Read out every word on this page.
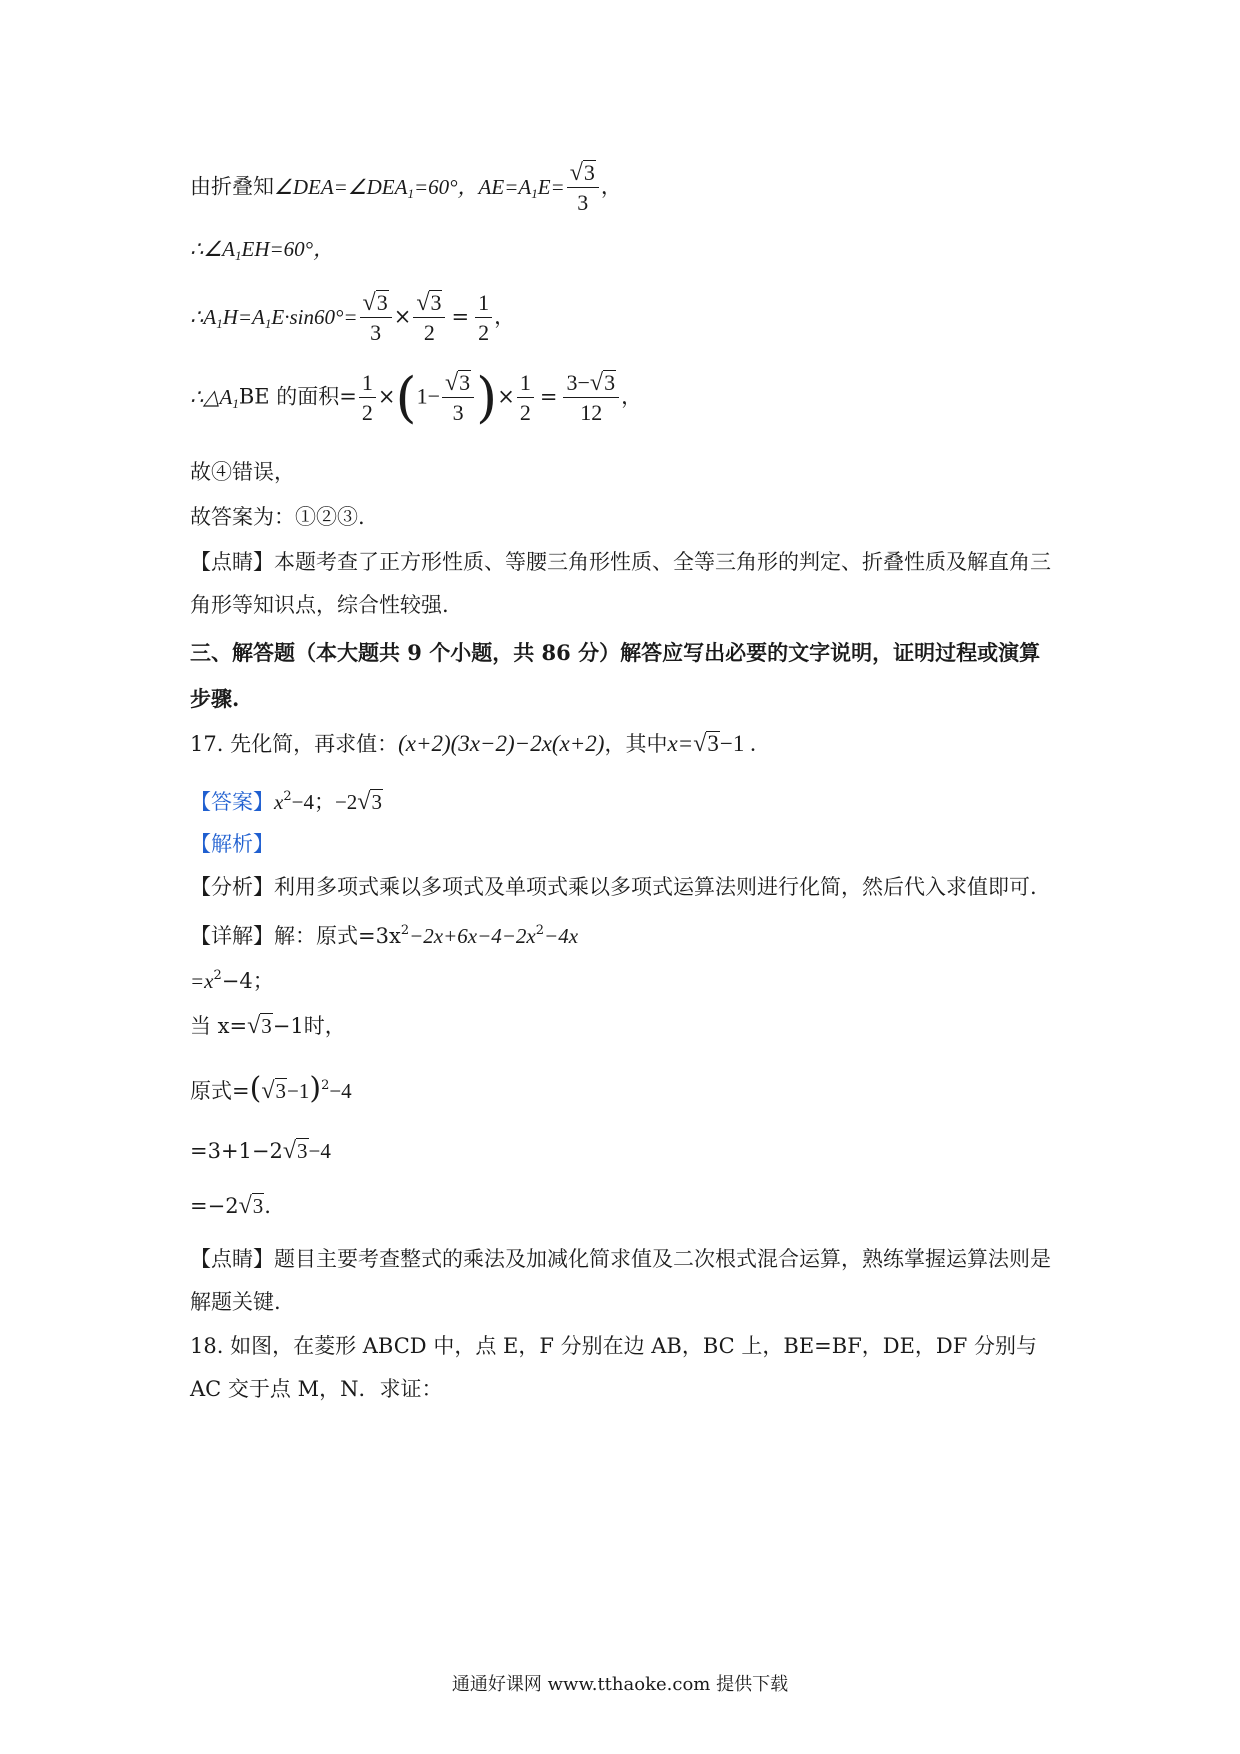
由折叠知$\angle DEA=\angle DEA_1=60^\circ$，$AE=A_1E= \frac{√ 3}{3}$ ，
$\therefore\angle A_1EH=60^\circ$，
$\therefore A_1H=A_1E\cdot\sin 60^\circ= \frac{√ 3}{3} \times \frac{√ 3}{2} = \frac{1}{2}$ ，
$\therefore\triangle A_1BE$ 的面积= $\frac{1}{2} \times(1- \frac{√ 3}{3}$ )× $\frac{1}{2} = \frac{3- √ 3}{12}$ ，
故④错误，
故答案为：①②③.
【点睛】本题考查了正方形性质、等腰三角形性质、全等三角形的判定、折叠性质及解直角三角形等知识点，综合性较强.
三、解答题（本大题共 9 个小题，共 86 分）解答应写出必要的文字说明，证明过程或演算步骤.
17. 先化简，再求值：(x+2)(3x−2)−2x(x+2)，其中x= √ 3 −1 .
【答案】$x^2-4$；−2 √ 3
【解析】
【分析】利用多项式乘以多项式及单项式乘以多项式运算法则进行化简，然后代入求值即可.
【详解】解：原式$=3x^2-2x+6x-4-2x^2-4x$
$=x^2-4$；
当 x= √ 3 −1时，
原式=( √ 3 −1)$^2$−4
=3+1−2 √ 3 −4
=−2 √ 3 .
【点睛】题目主要考查整式的乘法及加减化简求值及二次根式混合运算，熟练掌握运算法则是解题关键.
18. 如图，在菱形 ABCD 中，点 E，F 分别在边 AB，BC 上，BE=BF，DE，DF 分别与 AC 交于点 M，N．求证：
通通好课网 www.tthaoke.com 提供下载
